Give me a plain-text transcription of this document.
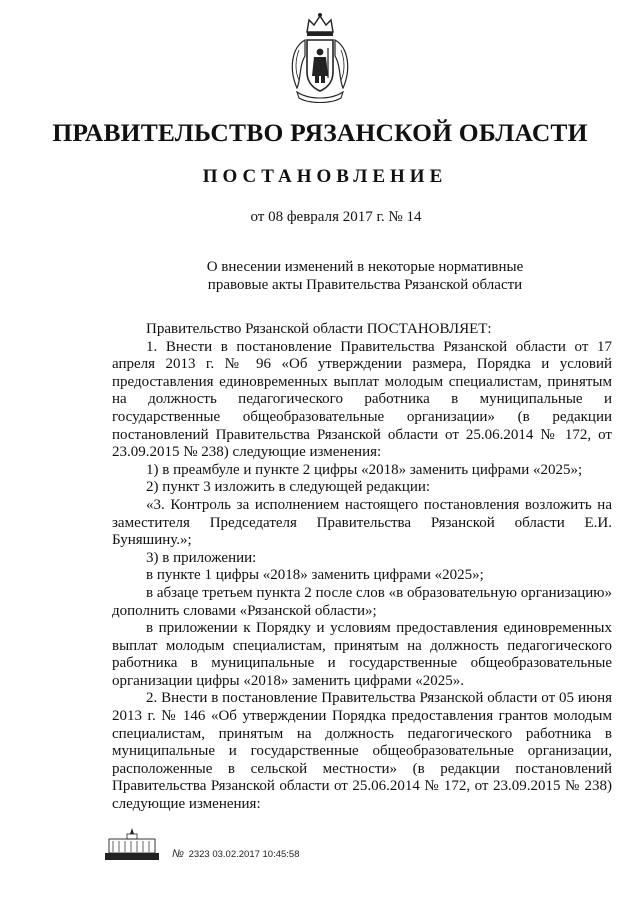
ПРАВИТЕЛЬСТВО РЯЗАНСКОЙ ОБЛАСТИ
ПОСТАНОВЛЕНИЕ
от 08 февраля 2017 г. № 14
О внесении изменений в некоторые нормативные
правовые акты Правительства Рязанской области

Правительство Рязанской области ПОСТАНОВЛЯЕТ:

1. Внести в постановление Правительства Рязанской области от 17 апреля 2013 г. № 96 «Об утверждении размера, Порядка и условий предоставления единовременных выплат молодым специалистам, принятым на должность педагогического работника в муниципальные и государственные общеобразовательные организации» (в редакции постановлений Правительства Рязанской области от 25.06.2014 № 172, от 23.09.2015 № 238) следующие изменения:

1) в преамбуле и пункте 2 цифры «2018» заменить цифрами «2025»;

2) пункт 3 изложить в следующей редакции:

«3. Контроль за исполнением настоящего постановления возложить на заместителя Председателя Правительства Рязанской области Е.И. Буняшину.»;

3) в приложении:

в пункте 1 цифры «2018» заменить цифрами «2025»;

в абзаце третьем пункта 2 после слов «в образовательную организацию» дополнить словами «Рязанской области»;

в приложении к Порядку и условиям предоставления единовременных выплат молодым специалистам, принятым на должность педагогического работника в муниципальные и государственные общеобразовательные организации цифры «2018» заменить цифрами «2025».

2. Внести в постановление Правительства Рязанской области от 05 июня 2013 г. № 146 «Об утверждении Порядка предоставления грантов молодым специалистам, принятым на должность педагогического работника в муниципальные и государственные общеобразовательные организации, расположенные в сельской местности» (в редакции постановлений Правительства Рязанской области от 25.06.2014 № 172, от 23.09.2015 № 238) следующие изменения:

№ 2323 03.02.2017 10:45:58
